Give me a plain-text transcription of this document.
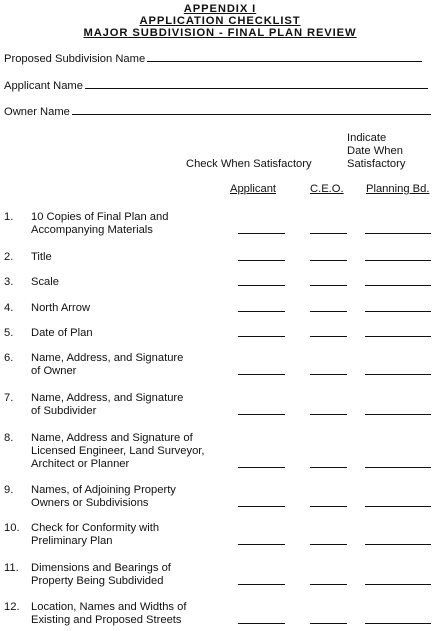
APPENDIX I
APPLICATION CHECKLIST
MAJOR SUBDIVISION - FINAL PLAN REVIEW
Proposed Subdivision Name
Applicant Name
Owner Name
Check When Satisfactory
Indicate
Date When
Satisfactory
Applicant	C.E.O. Planning Bd.
1. 10 Copies of Final Plan and
Accompanying Materials
2. Title
3. Scale
4. North Arrow
5. Date of Plan
6. Name, Address, and Signature
of Owner
7. Name, Address, and Signature
of Subdivider
8. Name, Address and Signature of
Licensed Engineer, Land Surveyor,
Architect or Planner
9. Names, of Adjoining Property
Owners or Subdivisions
10. Check for Conformity with
Preliminary Plan
11. Dimensions and Bearings of
Property Being Subdivided
12. Location, Names and Widths of
Existing and Proposed Streets
